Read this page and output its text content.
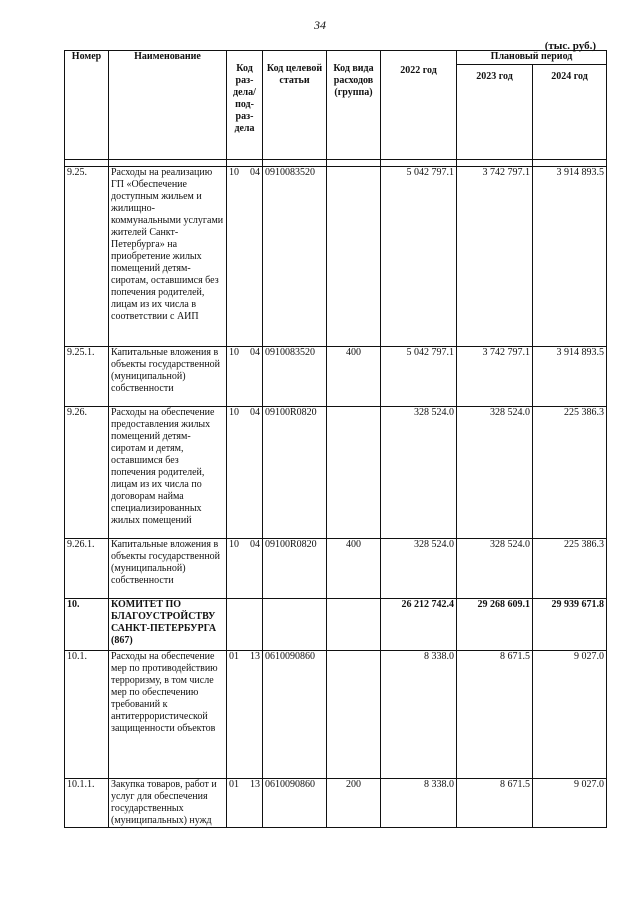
34
(тыс. руб.)
Номер	Наименование	Код раз- дела/ под- раз- дела	Код целевой статьи	Код вида расходов (группа)	2022 год	Плановый период	
						2023 год	2024 год

9.25.	Расходы на реализацию ГП «Обеспечение доступным жильем и жилищно-коммунальными услугами жителей Санкт-Петербурга» на приобретение жилых помещений детям-сиротам, оставшимся без попечения родителей, лицам из их числа в соответствии с АИП	10 04	0910083520		5 042 797.1	3 742 797.1	3 914 893.5
9.25.1.	Капитальные вложения в объекты государственной (муниципальной) собственности	10 04	0910083520	400	5 042 797.1	3 742 797.1	3 914 893.5
9.26.	Расходы на обеспечение предоставления жилых помещений детям-сиротам и детям, оставшимся без попечения родителей, лицам из их числа по договорам найма специализированных жилых помещений	10 04	09100R0820		328 524.0	328 524.0	225 386.3
9.26.1.	Капитальные вложения в объекты государственной (муниципальной) собственности	10 04	09100R0820	400	328 524.0	328 524.0	225 386.3
10.	КОМИТЕТ ПО БЛАГОУСТРОЙСТВУ САНКТ-ПЕТЕРБУРГА (867)				26 212 742.4	29 268 609.1	29 939 671.8
10.1.	Расходы на обеспечение мер по противодействию терроризму, в том числе мер по обеспечению требований к антитеррористической защищенности объектов	01 13	0610090860		8 338.0	8 671.5	9 027.0
10.1.1.	Закупка товаров, работ и услуг для обеспечения государственных (муниципальных) нужд	01 13	0610090860	200	8 338.0	8 671.5	9 027.0
